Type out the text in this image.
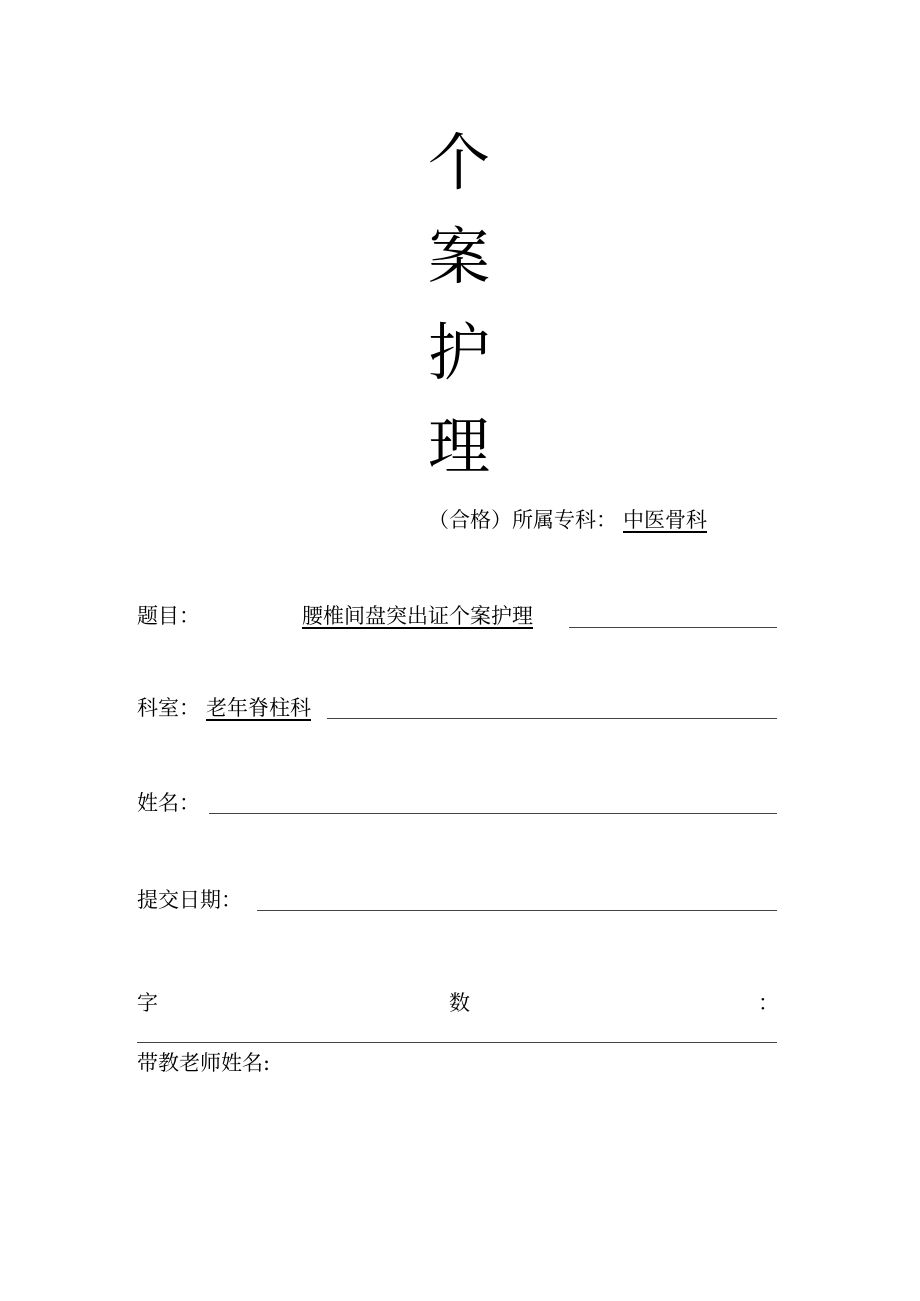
个
案
护
理
（合格）所属专科： 中医骨科
题目：	腰椎间盘突出证个案护理
科室： 老年脊柱科
姓名：
提交日期：
字	数	：
带教老师姓名:
